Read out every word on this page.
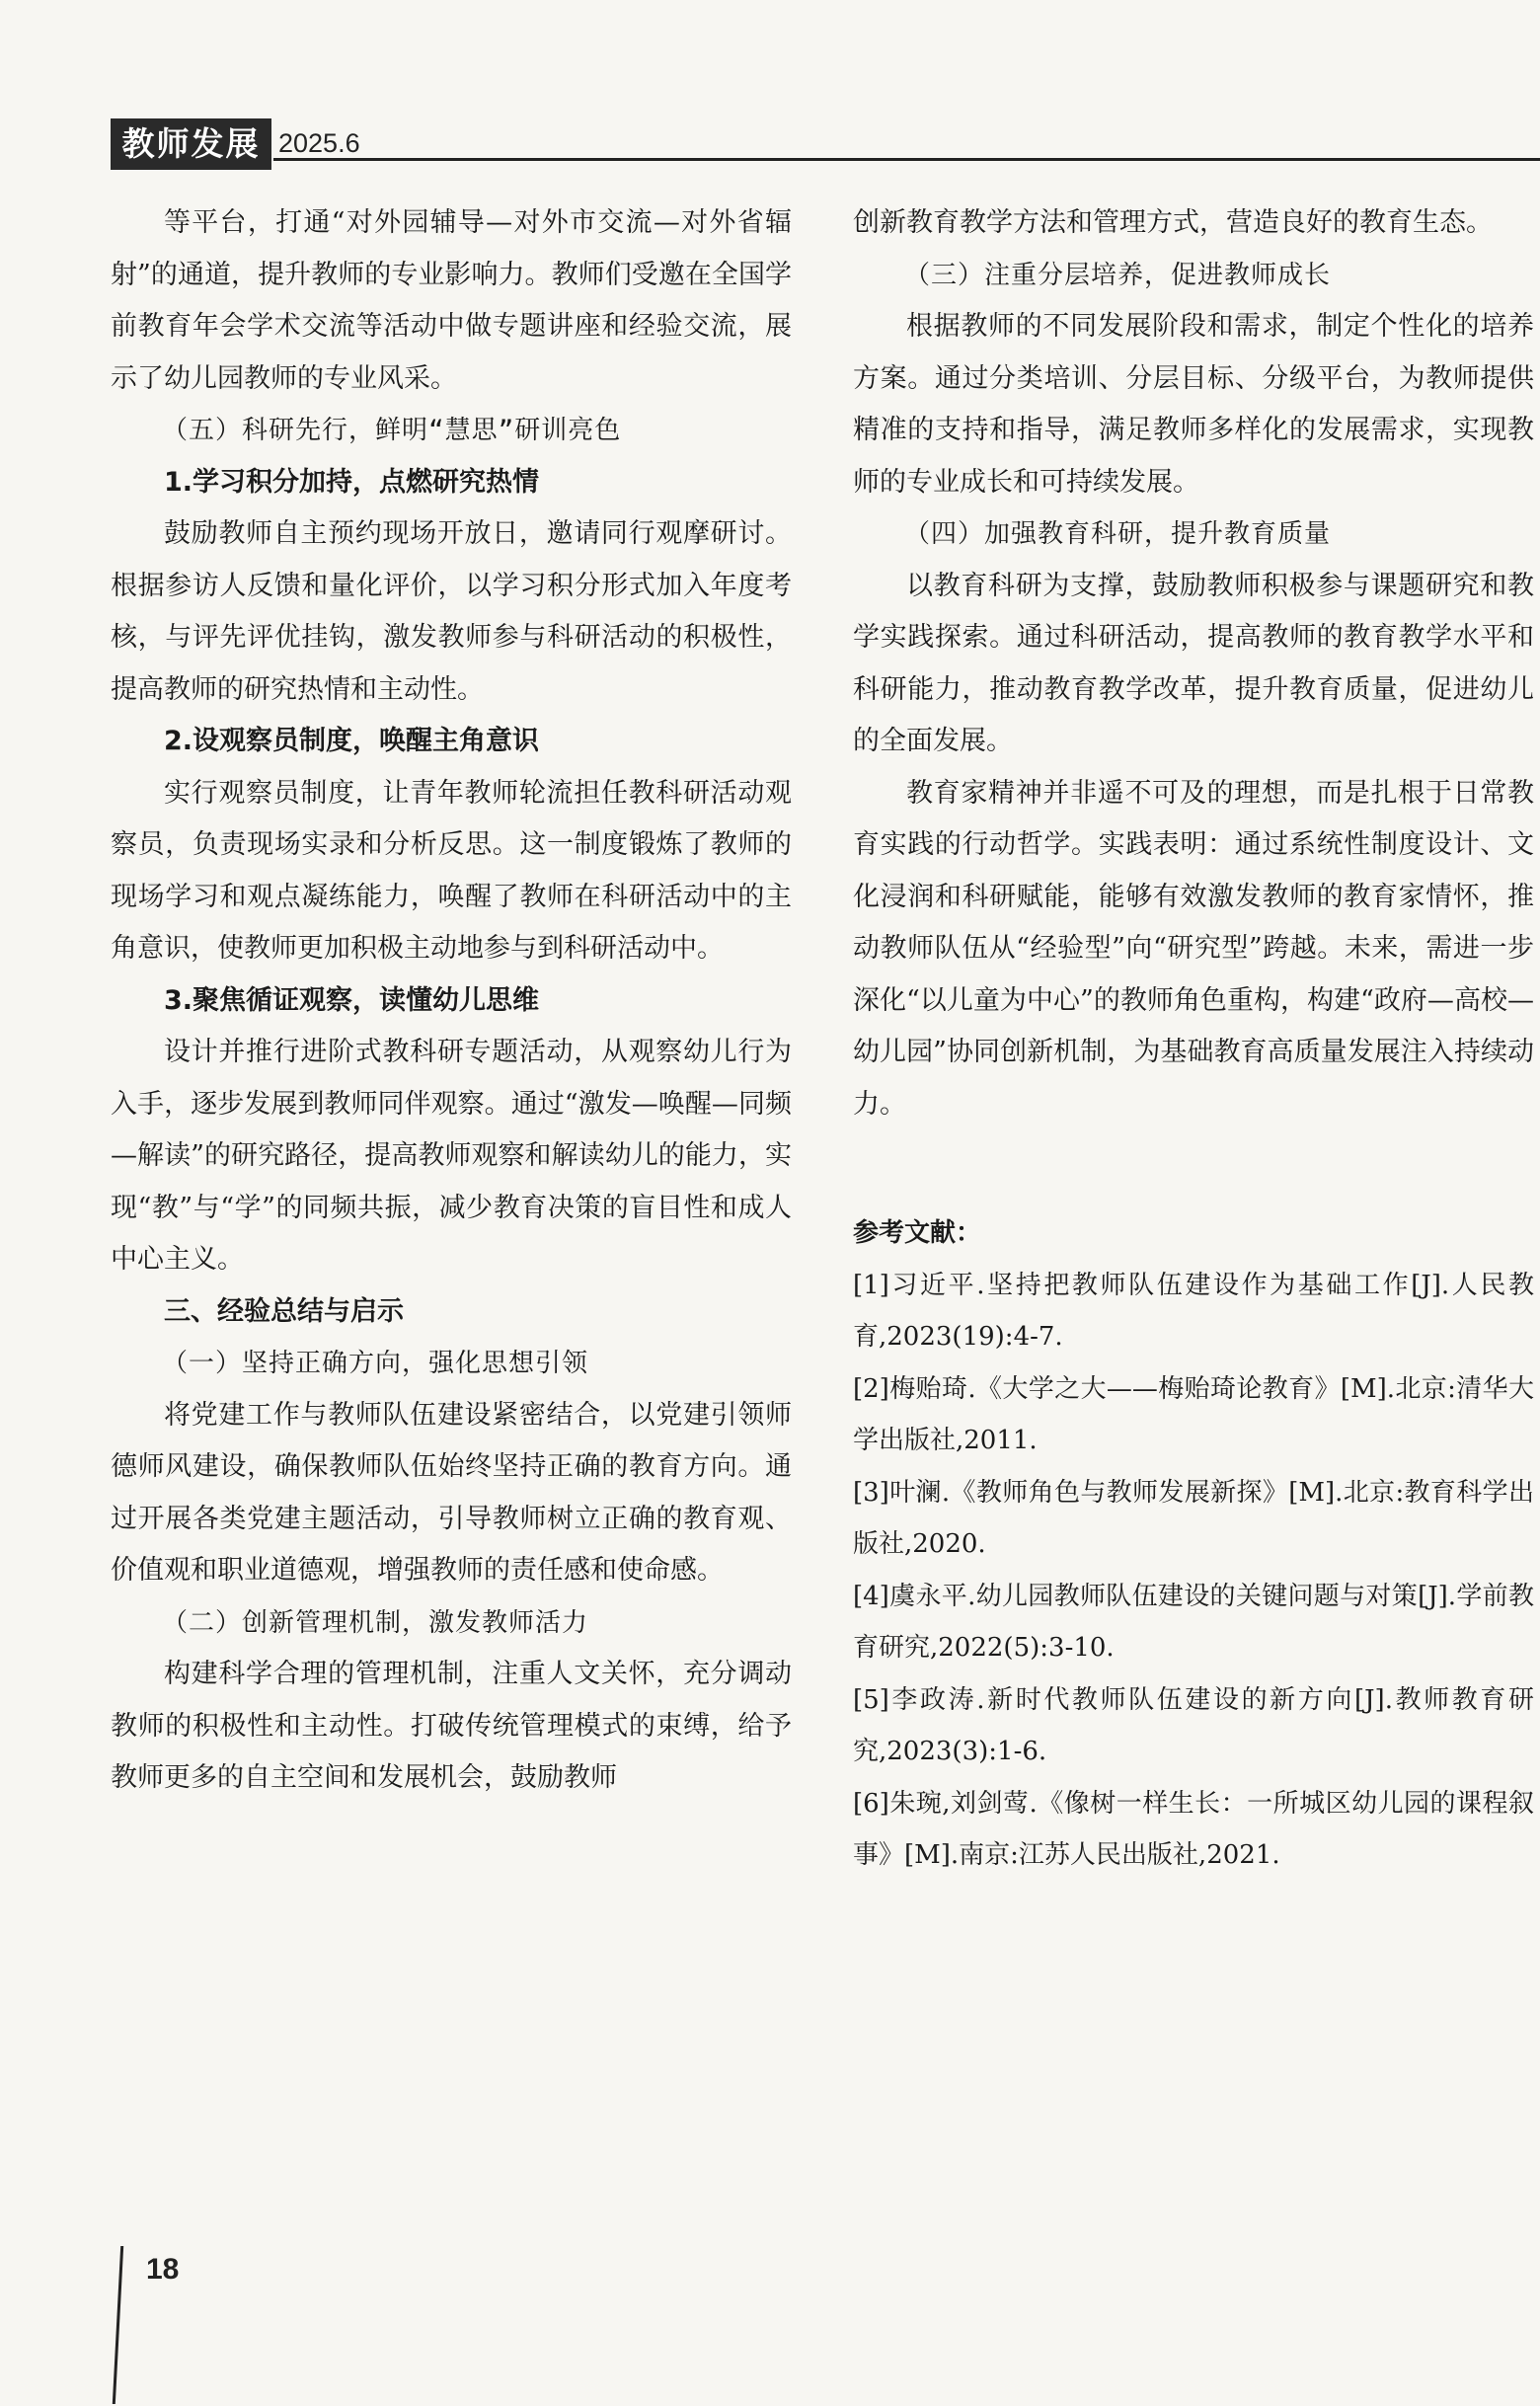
教师发展 2025.6

等平台，打通“对外园辅导—对外市交流—对外省辐射”的通道，提升教师的专业影响力。教师们受邀在全国学前教育年会学术交流等活动中做专题讲座和经验交流，展示了幼儿园教师的专业风采。

（五）科研先行，鲜明“慧思”研训亮色

1.学习积分加持，点燃研究热情

鼓励教师自主预约现场开放日，邀请同行观摩研讨。根据参访人反馈和量化评价，以学习积分形式加入年度考核，与评先评优挂钩，激发教师参与科研活动的积极性，提高教师的研究热情和主动性。

2.设观察员制度，唤醒主角意识

实行观察员制度，让青年教师轮流担任教科研活动观察员，负责现场实录和分析反思。这一制度锻炼了教师的现场学习和观点凝练能力，唤醒了教师在科研活动中的主角意识，使教师更加积极主动地参与到科研活动中。

3.聚焦循证观察，读懂幼儿思维

设计并推行进阶式教科研专题活动，从观察幼儿行为入手，逐步发展到教师同伴观察。通过“激发—唤醒—同频—解读”的研究路径，提高教师观察和解读幼儿的能力，实现“教”与“学”的同频共振，减少教育决策的盲目性和成人中心主义。

三、经验总结与启示

（一）坚持正确方向，强化思想引领

将党建工作与教师队伍建设紧密结合，以党建引领师德师风建设，确保教师队伍始终坚持正确的教育方向。通过开展各类党建主题活动，引导教师树立正确的教育观、价值观和职业道德观，增强教师的责任感和使命感。

（二）创新管理机制，激发教师活力

构建科学合理的管理机制，注重人文关怀，充分调动教师的积极性和主动性。打破传统管理模式的束缚，给予教师更多的自主空间和发展机会，鼓励教师

创新教育教学方法和管理方式，营造良好的教育生态。

（三）注重分层培养，促进教师成长

根据教师的不同发展阶段和需求，制定个性化的培养方案。通过分类培训、分层目标、分级平台，为教师提供精准的支持和指导，满足教师多样化的发展需求，实现教师的专业成长和可持续发展。

（四）加强教育科研，提升教育质量

以教育科研为支撑，鼓励教师积极参与课题研究和教学实践探索。通过科研活动，提高教师的教育教学水平和科研能力，推动教育教学改革，提升教育质量，促进幼儿的全面发展。

教育家精神并非遥不可及的理想，而是扎根于日常教育实践的行动哲学。实践表明：通过系统性制度设计、文化浸润和科研赋能，能够有效激发教师的教育家情怀，推动教师队伍从“经验型”向“研究型”跨越。未来，需进一步深化“以儿童为中心”的教师角色重构，构建“政府—高校—幼儿园”协同创新机制，为基础教育高质量发展注入持续动力。

参考文献：

[1]习近平.坚持把教师队伍建设作为基础工作[J].人民教育,2023(19):4-7.

[2]梅贻琦.《大学之大——梅贻琦论教育》[M].北京:清华大学出版社,2011.

[3]叶澜.《教师角色与教师发展新探》[M].北京:教育科学出版社,2020.

[4]虞永平.幼儿园教师队伍建设的关键问题与对策[J].学前教育研究,2022(5):3-10.

[5]李政涛.新时代教师队伍建设的新方向[J].教师教育研究,2023(3):1-6.

[6]朱琬,刘剑莺.《像树一样生长：一所城区幼儿园的课程叙事》[M].南京:江苏人民出版社,2021.

18
